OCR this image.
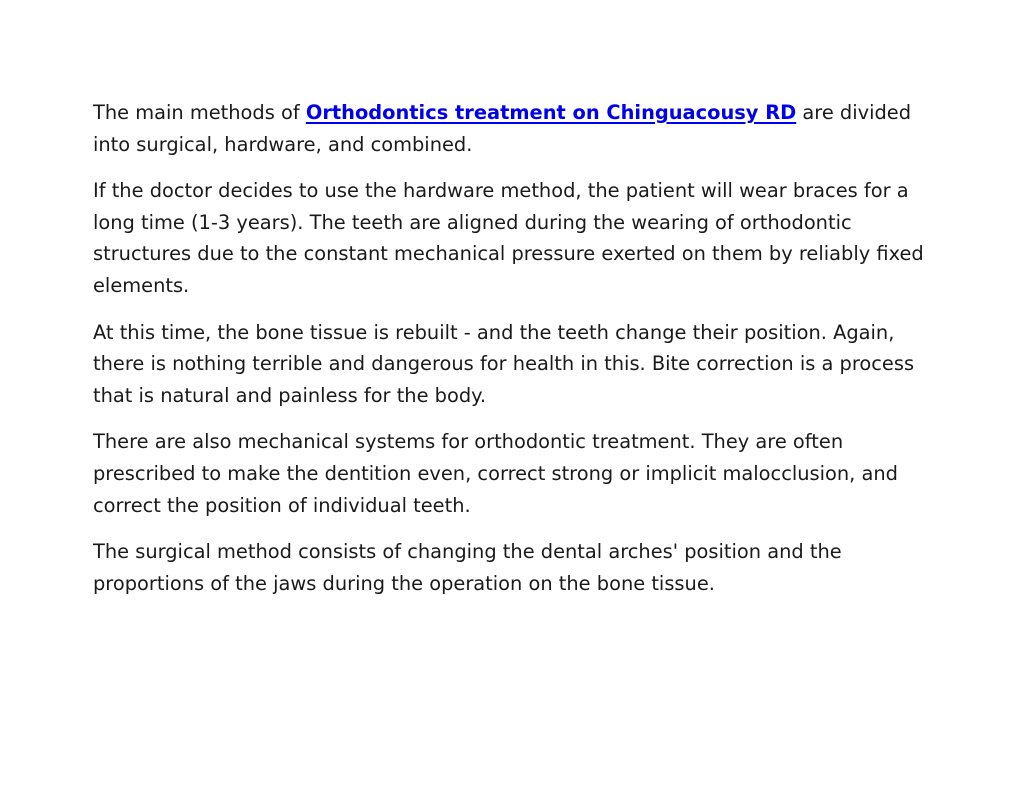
The main methods of Orthodontics treatment on Chinguacousy RD are divided into surgical, hardware, and combined.

If the doctor decides to use the hardware method, the patient will wear braces for a long time (1-3 years). The teeth are aligned during the wearing of orthodontic structures due to the constant mechanical pressure exerted on them by reliably fixed elements.

At this time, the bone tissue is rebuilt - and the teeth change their position. Again, there is nothing terrible and dangerous for health in this. Bite correction is a process that is natural and painless for the body.

There are also mechanical systems for orthodontic treatment. They are often prescribed to make the dentition even, correct strong or implicit malocclusion, and correct the position of individual teeth.

The surgical method consists of changing the dental arches' position and the proportions of the jaws during the operation on the bone tissue.
